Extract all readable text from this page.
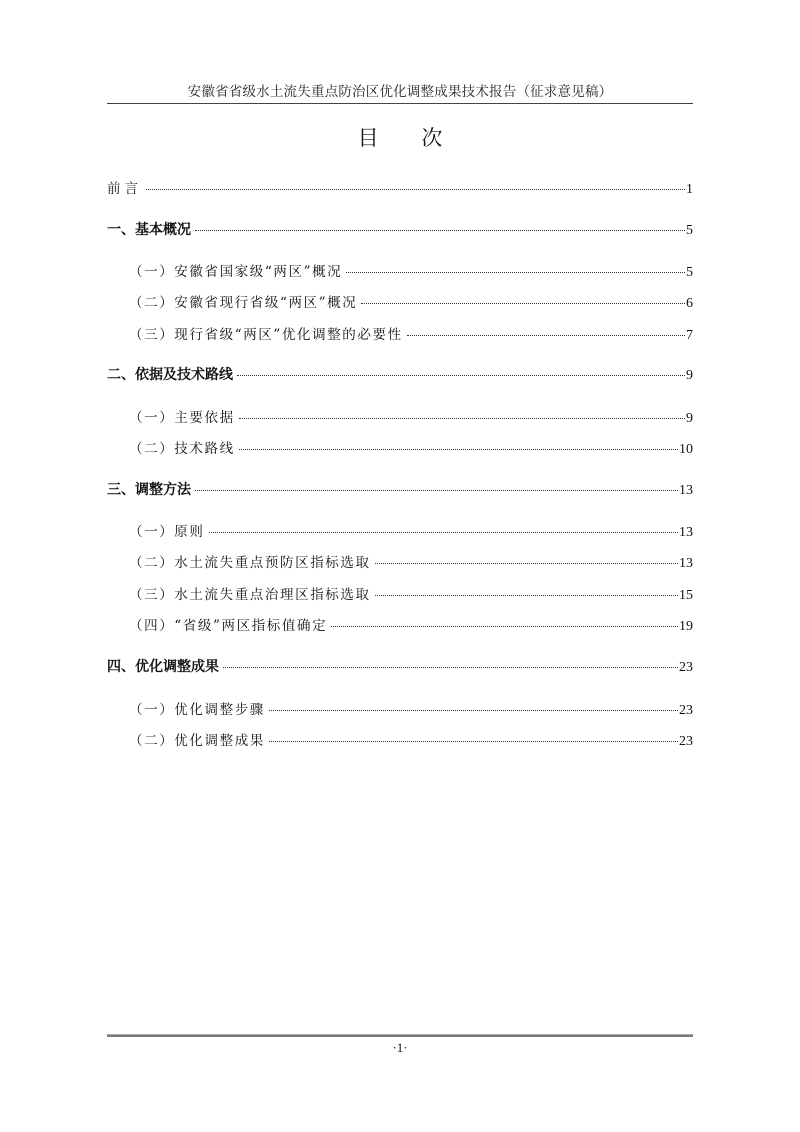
安徽省省级水土流失重点防治区优化调整成果技术报告（征求意见稿）
目 次
前言	1
一、基本概况	5
（一）安徽省国家级“两区”概况	5
（二）安徽省现行省级“两区”概况	6
（三）现行省级“两区”优化调整的必要性	7
二、依据及技术路线	9
（一）主要依据	9
（二）技术路线	10
三、调整方法	13
（一）原则	13
（二）水土流失重点预防区指标选取	13
（三）水土流失重点治理区指标选取	15
（四）“省级”两区指标值确定	19
四、优化调整成果	23
（一）优化调整步骤	23
（二）优化调整成果	23
·1·
